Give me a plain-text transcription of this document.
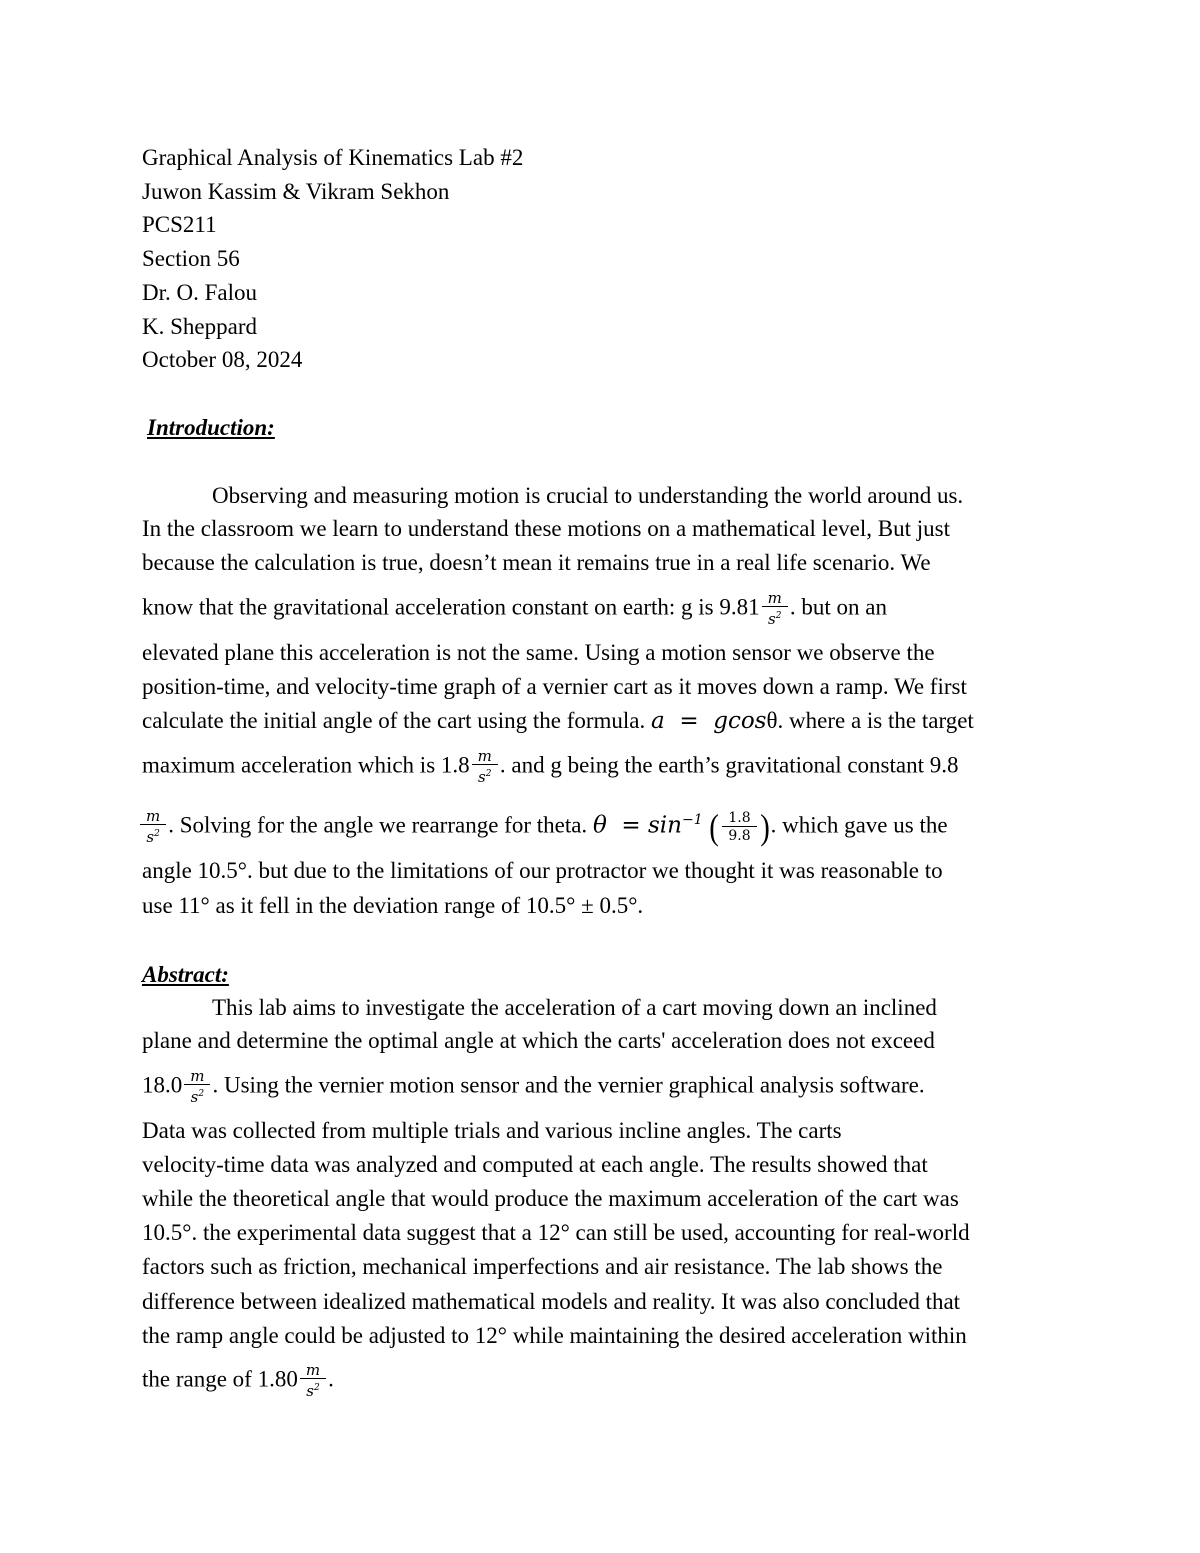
Graphical Analysis of Kinematics Lab #2
Juwon Kassim & Vikram Sekhon
PCS211
Section 56
Dr. O. Falou
K. Sheppard
October 08, 2024
Introduction:
Observing and measuring motion is crucial to understanding the world around us.
In the classroom we learn to understand these motions on a mathematical level, But just
because the calculation is true, doesn’t mean it remains true in a real life scenario. We
know that the gravitational acceleration constant on earth: g is $9.81 \frac{m}{s^2}$ . but on an
elevated plane this acceleration is not the same. Using a motion sensor we observe the
position-time, and velocity-time graph of a vernier cart as it moves down a ramp. We first
calculate the initial angle of the cart using the formula. a  =  gcosθ. where a is the target
maximum acceleration which is $1.8 \frac{m}{s^2}$ . and g being the earth’s gravitational constant 9.8
$\frac{m}{s^2}$ . Solving for the angle we rearrange for theta. $\theta = \sin^{-1}$ ( $\frac{1.8}{9.8}$ ). which gave us the
angle 10.5°. but due to the limitations of our protractor we thought it was reasonable to
use 11° as it fell in the deviation range of 10.5° ± 0.5°.
Abstract:
This lab aims to investigate the acceleration of a cart moving down an inclined
plane and determine the optimal angle at which the carts' acceleration does not exceed
$18.0 \frac{m}{s^2}$ . Using the vernier motion sensor and the vernier graphical analysis software.
Data was collected from multiple trials and various incline angles. The carts
velocity-time data was analyzed and computed at each angle. The results showed that
while the theoretical angle that would produce the maximum acceleration of the cart was
10.5°. the experimental data suggest that a 12° can still be used, accounting for real-world
factors such as friction, mechanical imperfections and air resistance. The lab shows the
difference between idealized mathematical models and reality. It was also concluded that
the ramp angle could be adjusted to 12° while maintaining the desired acceleration within
the range of $1.80 \frac{m}{s^2}$ .
